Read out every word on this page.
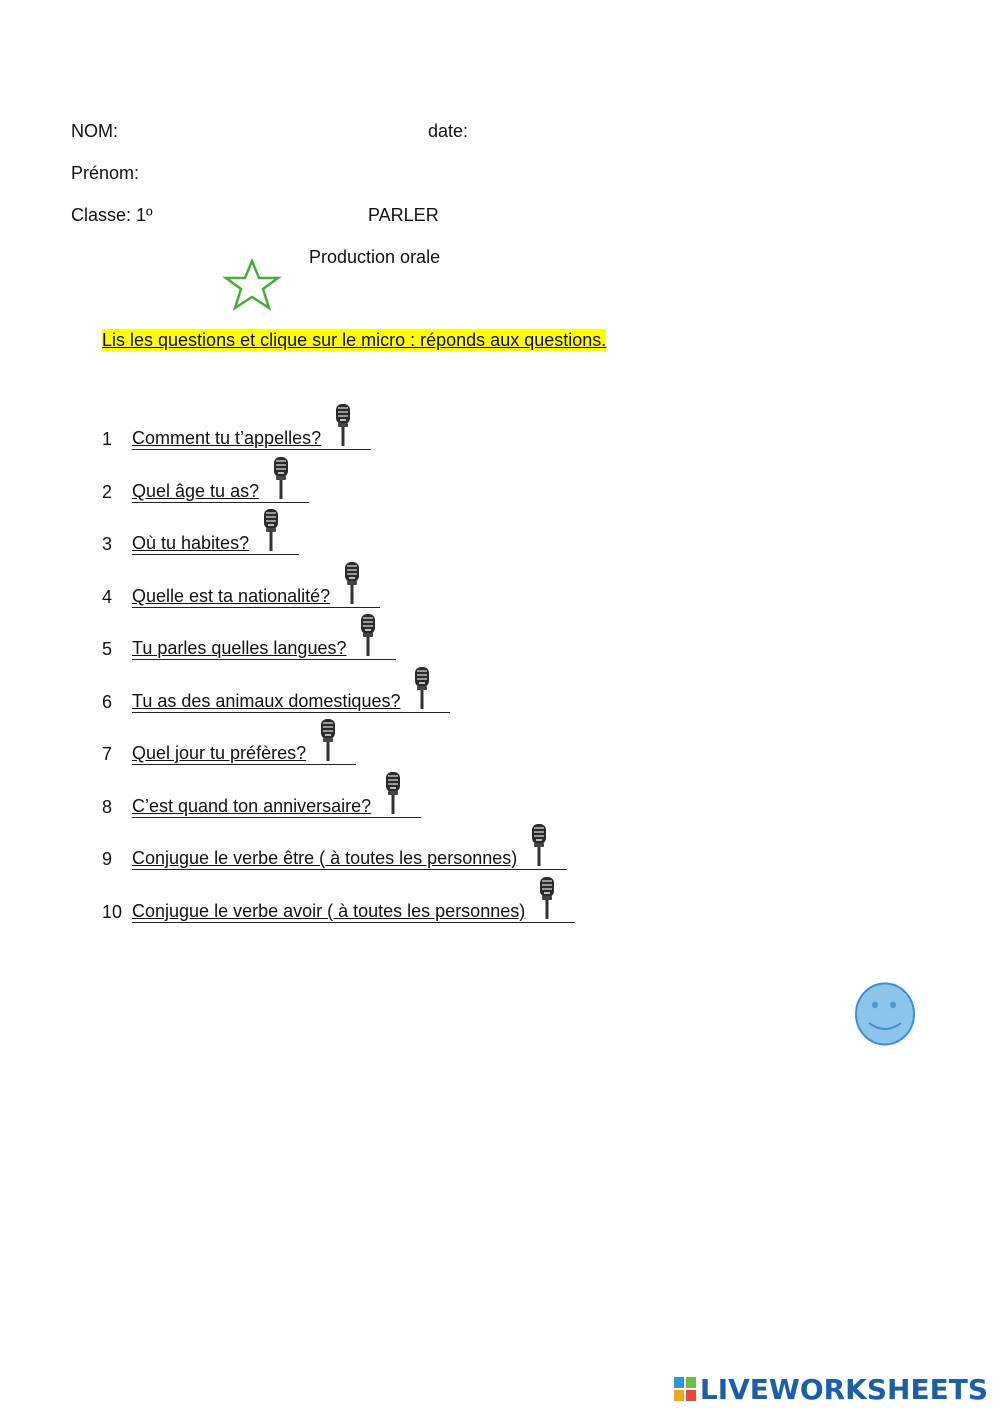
NOM:	date:
Prénom:
Classe: 1º	PARLER
Production orale
Lis les questions et clique sur le micro : réponds aux questions.
1 Comment tu t’appelles?
2 Quel âge tu as?
3 Où tu habites?
4 Quelle est ta nationalité?
5 Tu parles quelles langues?
6 Tu as des animaux domestiques?
7 Quel jour tu préfères?
8 C’est quand ton anniversaire?
9 Conjugue le verbe être ( à toutes les personnes)
10 Conjugue le verbe avoir ( à toutes les personnes)
LIVEWORKSHEETS
